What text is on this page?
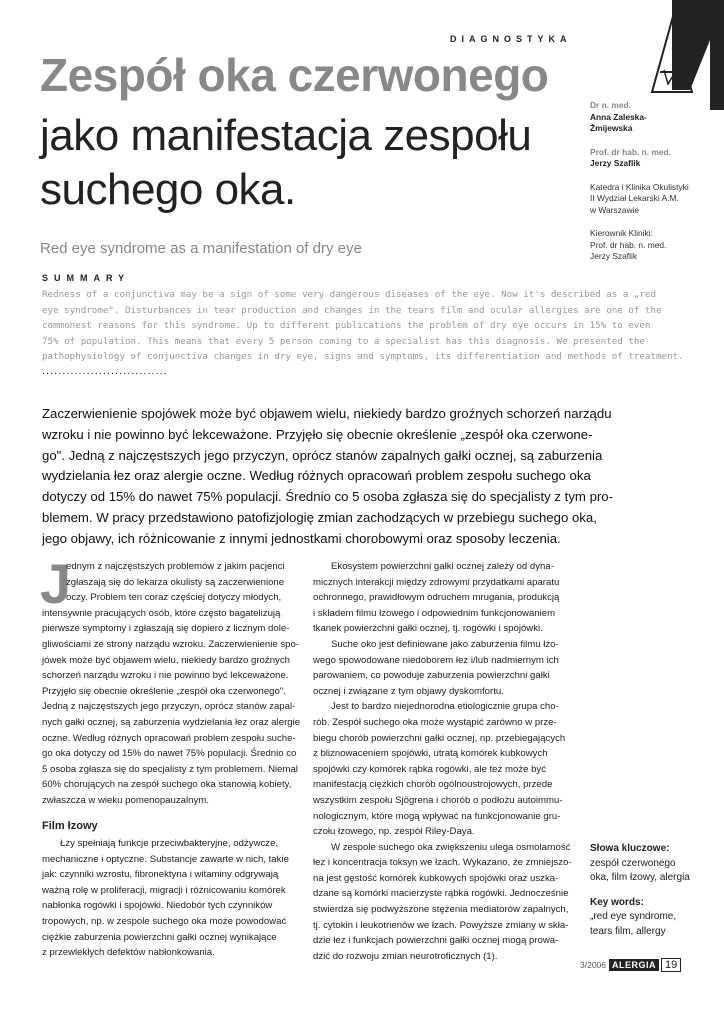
DIAGNOSTYKA
Zespół oka czerwonego
jako manifestacja zespołu
suchego oka.
Red eye syndrome as a manifestation of dry eye
SUMMARY

Redness of a conjunctiva may be a sign of some very dangerous diseases of the eye. Now it's described as a „red

eye syndrome". Disturbances in tear production and changes in the tears film and ocular allergies are one of the

commonest reasons for this syndrome. Up to different publications the problem of dry eye occurs in 15% to even

75% of population. This means that every 5 person coming to a specialist has this diagnosis. We presented the

pathophysiology of conjunctiva changes in dry eye, signs and symptoms, its differentiation and methods of treatment.

...............................

Zaczerwienienie spojówek może być objawem wielu, niekiedy bardzo groźnych schorzeń narządu

wzroku i nie powinno być lekceważone. Przyjęło się obecnie określenie „zespół oka czerwone-

go". Jedną z najczęstszych jego przyczyn, oprócz stanów zapalnych gałki ocznej, są zaburzenia

wydzielania łez oraz alergie oczne. Według różnych opracowań problem zespołu suchego oka

dotyczy od 15% do nawet 75% populacji. Średnio co 5 osoba zgłasza się do specjalisty z tym pro-

blemem. W pracy przedstawiono patofizjologię zmian zachodzących w przebiegu suchego oka,

jego objawy, ich różnicowanie z innymi jednostkami chorobowymi oraz sposoby leczenia.

J

ednym z najczęstszych problemów z jakim pacjenci

zgłaszają się do lekarza okulisty są zaczerwienione

oczy. Problem ten coraz częściej dotyczy młodych,

intensywnie pracujących osób, które często bagatelizują

pierwsze symptomy i zgłaszają się dopiero z licznym dole-

gliwościami ze strony narządu wzroku. Zaczerwienienie spo-

jówek może być objawem wielu, niekiedy bardzo groźnych

schorzeń narządu wzroku i nie powinno być lekceważone.

Przyjęło się obecnie określenie „zespół oka czerwonego".

Jedną z najczęstszych jego przyczyn, oprócz stanów zapal-

nych gałki ocznej, są zaburzenia wydzielania łez oraz alergie

oczne. Według różnych opracowań problem zespołu suche-

go oka dotyczy od 15% do nawet 75% populacji. Średnio co

5 osoba zgłasza się do specjalisty z tym problemem. Niemal

60% chorujących na zespół suchego oka stanowią kobiety,

zwłaszcza w wieku pomenopauzalnym.

Film łzowy

Łzy spełniają funkcje przeciwbakteryjne, odżywcze,

mechaniczne i optyczne. Substancje zawarte w nich, takie

jak: czynniki wzrostu, fibronektyna i witaminy odgrywają

ważną rolę w proliferacji, migracji i różnicowaniu komórek

nabłonka rogówki i spojówki. Niedobór tych czynników

tropowych, np. w zespole suchego oka może powodować

ciężkie zaburzenia powierzchni gałki ocznej wynikające

z przewlekłych defektów nabłonkowania.

Ekosystem powierzchni gałki ocznej zależy od dyna-

micznych interakcji między zdrowymi przydatkami aparatu

ochronnego, prawidłowym odruchem mrugania, produkcją

i składem filmu łzowego i odpowiednim funkcjonowaniem

tkanek powierzchni gałki ocznej, tj. rogówki i spojówki.

Suche oko jest definiowane jako zaburzenia filmu łzo-

wego spowodowane niedoborem łez i/lub nadmiernym ich

parowaniem, co powoduje zaburzenia powierzchni gałki

ocznej i związane z tym objawy dyskomfortu.

Jest to bardzo niejednorodna etiologicznie grupa cho-

rób. Zespół suchego oka może wystąpić zarówno w prze-

biegu chorób powierzchni gałki ocznej, np. przebiegających

z bliznowaceniem spojówki, utratą komórek kubkowych

spojówki czy komórek rąbka rogówki, ale też może być

manifestacją ciężkich chorób ogólnoustrojowych, przede

wszystkim zespołu Sjögrena i chorób o podłożu autoimmu-

nologicznym, które mogą wpływać na funkcjonowanie gru-

czołu łzowego, np. zespół Riley-Daya.

W zespole suchego oka zwiększeniu ulega osmolarność

łez i koncentracja toksyn we łzach. Wykazano, że zmniejszo-

na jest gęstość komórek kubkowych spojówki oraz uszka-

dzane są komórki macierzyste rąbka rogówki. Jednocześnie

stwierdza się podwyższone stężenia mediatorów zapalnych,

tj. cytokin i leukotrienów we łzach. Powyższe zmiany w skła-

dzie łez i funkcjach powierzchni gałki ocznej mogą prowa-

dzić do rozwoju zmian neurotroficznych (1).

Dr n. med.

Anna Zaleska-

Żmijewska

Prof. dr hab. n. med.

Jerzy Szaflik

Katedra i Klinika Okulistyki

II Wydział Lekarski A.M.

w Warszawie

Kierownik Kliniki:

Prof. dr hab. n. med.

Jerzy Szaflik

Słowa kluczowe:

zespół czerwonego

oka, film łzowy, alergia

Key words:

„red eye syndrome,

tears film, allergy

3/2006 ALERGIA 19
